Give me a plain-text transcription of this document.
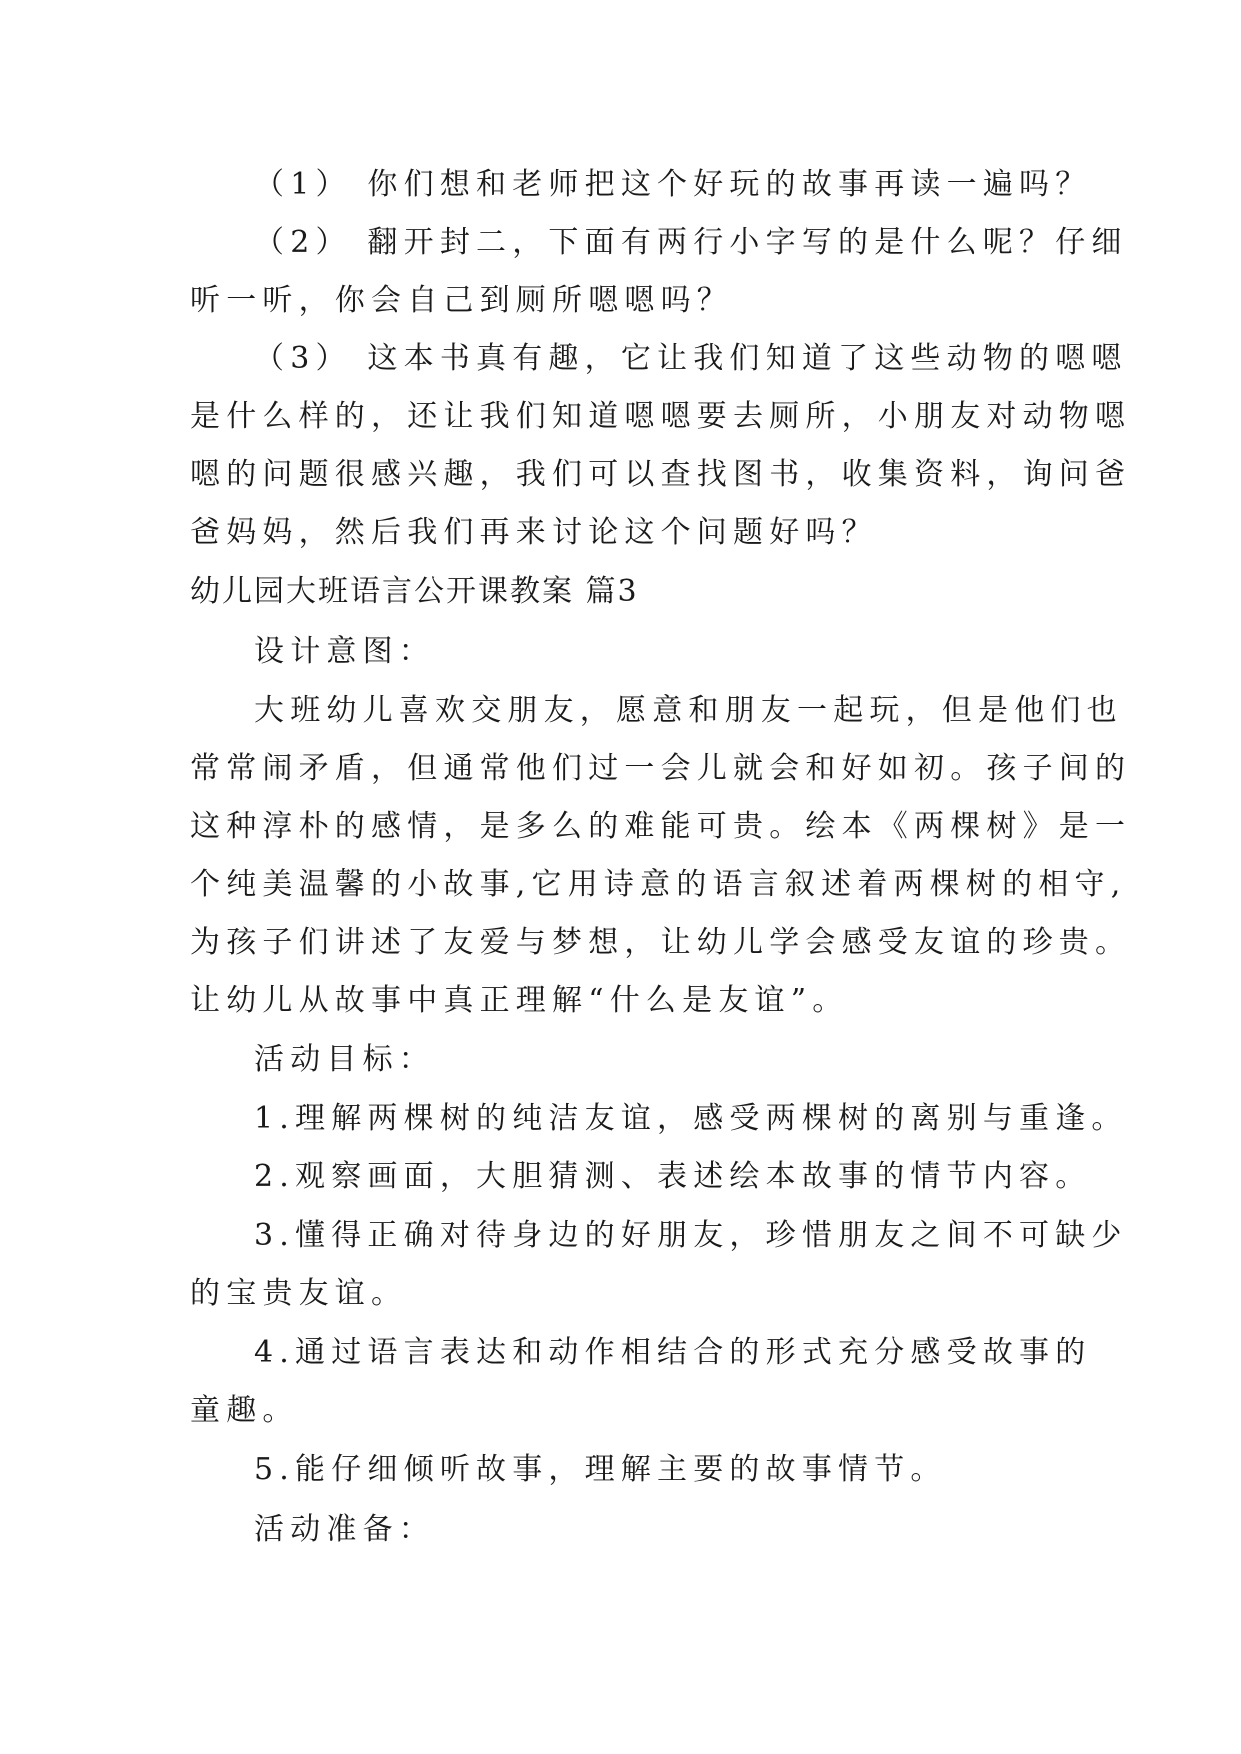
（1） 你们想和老师把这个好玩的故事再读一遍吗？
（2） 翻开封二，下面有两行小字写的是什么呢？仔细
听一听，你会自己到厕所嗯嗯吗？
（3） 这本书真有趣，它让我们知道了这些动物的嗯嗯
是什么样的，还让我们知道嗯嗯要去厕所，小朋友对动物嗯
嗯的问题很感兴趣，我们可以查找图书，收集资料，询问爸
爸妈妈，然后我们再来讨论这个问题好吗？
幼儿园大班语言公开课教案 篇3
设计意图：
大班幼儿喜欢交朋友，愿意和朋友一起玩，但是他们也
常常闹矛盾，但通常他们过一会儿就会和好如初。孩子间的
这种淳朴的感情，是多么的难能可贵。绘本《两棵树》是一
个纯美温馨的小故事,它用诗意的语言叙述着两棵树的相守,
为孩子们讲述了友爱与梦想，让幼儿学会感受友谊的珍贵。
让幼儿从故事中真正理解“什么是友谊”。
活动目标：
1.理解两棵树的纯洁友谊，感受两棵树的离别与重逢。
2.观察画面，大胆猜测、表述绘本故事的情节内容。
3.懂得正确对待身边的好朋友，珍惜朋友之间不可缺少
的宝贵友谊。
4.通过语言表达和动作相结合的形式充分感受故事的
童趣。
5.能仔细倾听故事，理解主要的故事情节。
活动准备：
